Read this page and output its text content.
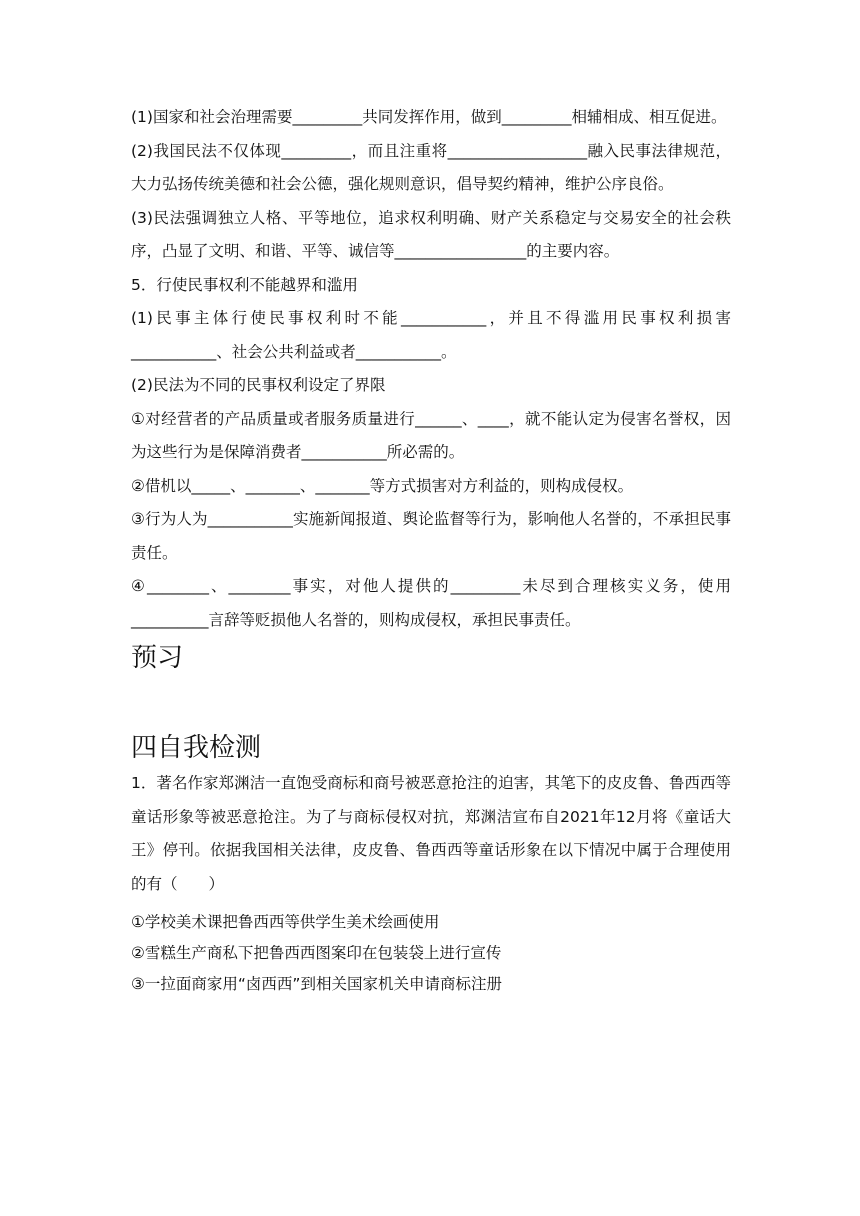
(1)国家和社会治理需要_________共同发挥作用，做到_________相辅相成、相互促进。

(2)我国民法不仅体现_________，而且注重将__________________融入民事法律规范，大力弘扬传统美德和社会公德，强化规则意识，倡导契约精神，维护公序良俗。

(3)民法强调独立人格、平等地位，追求权利明确、财产关系稳定与交易安全的社会秩序，凸显了文明、和谐、平等、诚信等_________________的主要内容。

5．行使民事权利不能越界和滥用

(1)民事主体行使民事权利时不能___________，并且不得滥用民事权利损害___________、社会公共利益或者___________。

(2)民法为不同的民事权利设定了界限

①对经营者的产品质量或者服务质量进行______、____，就不能认定为侵害名誉权，因为这些行为是保障消费者___________所必需的。

②借机以_____、_______、_______等方式损害对方利益的，则构成侵权。

③行为人为___________实施新闻报道、舆论监督等行为，影响他人名誉的，不承担民事责任。

④________、________事实，对他人提供的_________未尽到合理核实义务，使用__________言辞等贬损他人名誉的，则构成侵权，承担民事责任。

预习
四自我检测

1．著名作家郑渊洁一直饱受商标和商号被恶意抢注的迫害，其笔下的皮皮鲁、鲁西西等童话形象等被恶意抢注。为了与商标侵权对抗，郑渊洁宣布自2021年12月将《童话大王》停刊。依据我国相关法律，皮皮鲁、鲁西西等童话形象在以下情况中属于合理使用的有（　　）

①学校美术课把鲁西西等供学生美术绘画使用

②雪糕生产商私下把鲁西西图案印在包装袋上进行宣传

③一拉面商家用“卤西西”到相关国家机关申请商标注册
